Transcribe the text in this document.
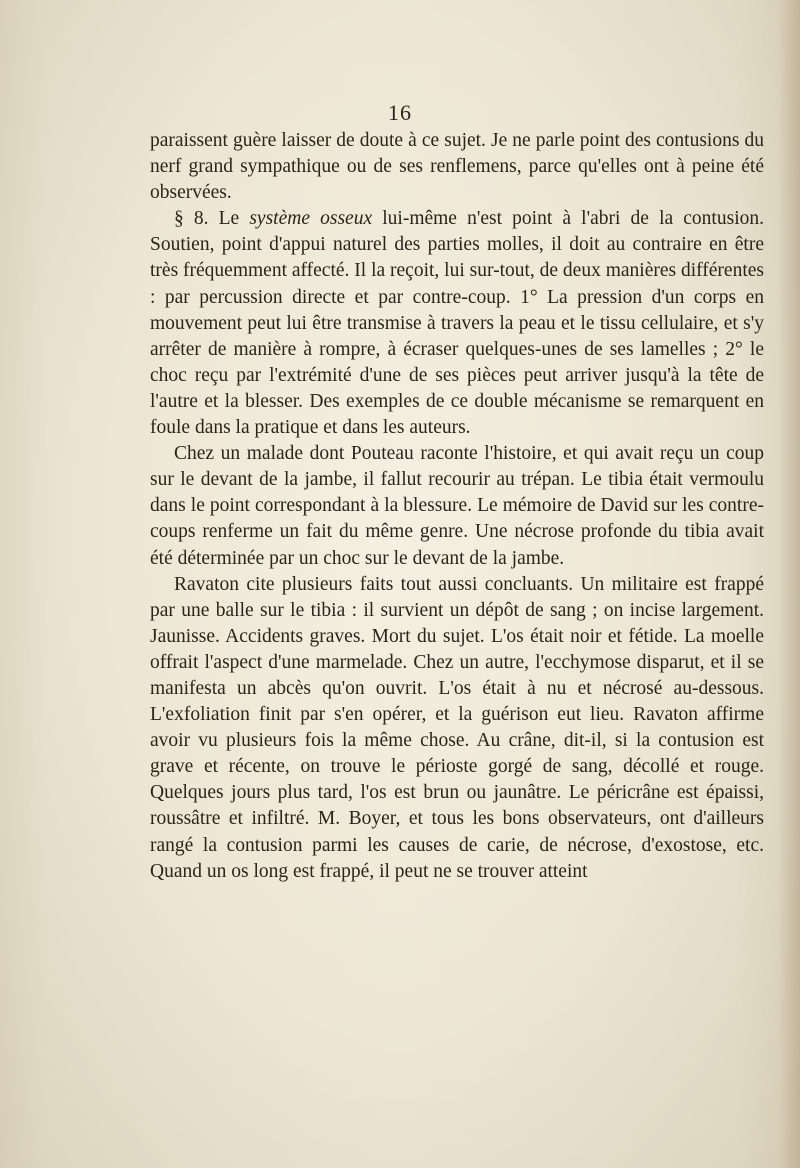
16

paraissent guère laisser de doute à ce sujet. Je ne parle point des contusions du nerf grand sympathique ou de ses renflemens, parce qu'elles ont à peine été observées.

§ 8. Le système osseux lui-même n'est point à l'abri de la contusion. Soutien, point d'appui naturel des parties molles, il doit au contraire en être très fréquemment affecté. Il la reçoit, lui sur-tout, de deux manières différentes : par percussion directe et par contre-coup. 1° La pression d'un corps en mouvement peut lui être transmise à travers la peau et le tissu cellulaire, et s'y arrêter de manière à rompre, à écraser quelques-unes de ses lamelles ; 2° le choc reçu par l'extrémité d'une de ses pièces peut arriver jusqu'à la tête de l'autre et la blesser. Des exemples de ce double mécanisme se remarquent en foule dans la pratique et dans les auteurs.

Chez un malade dont Pouteau raconte l'histoire, et qui avait reçu un coup sur le devant de la jambe, il fallut recourir au trépan. Le tibia était vermoulu dans le point correspondant à la blessure. Le mémoire de David sur les contre-coups renferme un fait du même genre. Une nécrose profonde du tibia avait été déterminée par un choc sur le devant de la jambe.

Ravaton cite plusieurs faits tout aussi concluants. Un militaire est frappé par une balle sur le tibia : il survient un dépôt de sang ; on incise largement. Jaunisse. Accidents graves. Mort du sujet. L'os était noir et fétide. La moelle offrait l'aspect d'une marmelade. Chez un autre, l'ecchymose disparut, et il se manifesta un abcès qu'on ouvrit. L'os était à nu et nécrosé au-dessous. L'exfoliation finit par s'en opérer, et la guérison eut lieu. Ravaton affirme avoir vu plusieurs fois la même chose. Au crâne, dit-il, si la contusion est grave et récente, on trouve le périoste gorgé de sang, décollé et rouge. Quelques jours plus tard, l'os est brun ou jaunâtre. Le péricrâne est épaissi, roussâtre et infiltré. M. Boyer, et tous les bons observateurs, ont d'ailleurs rangé la contusion parmi les causes de carie, de nécrose, d'exostose, etc. Quand un os long est frappé, il peut ne se trouver atteint
